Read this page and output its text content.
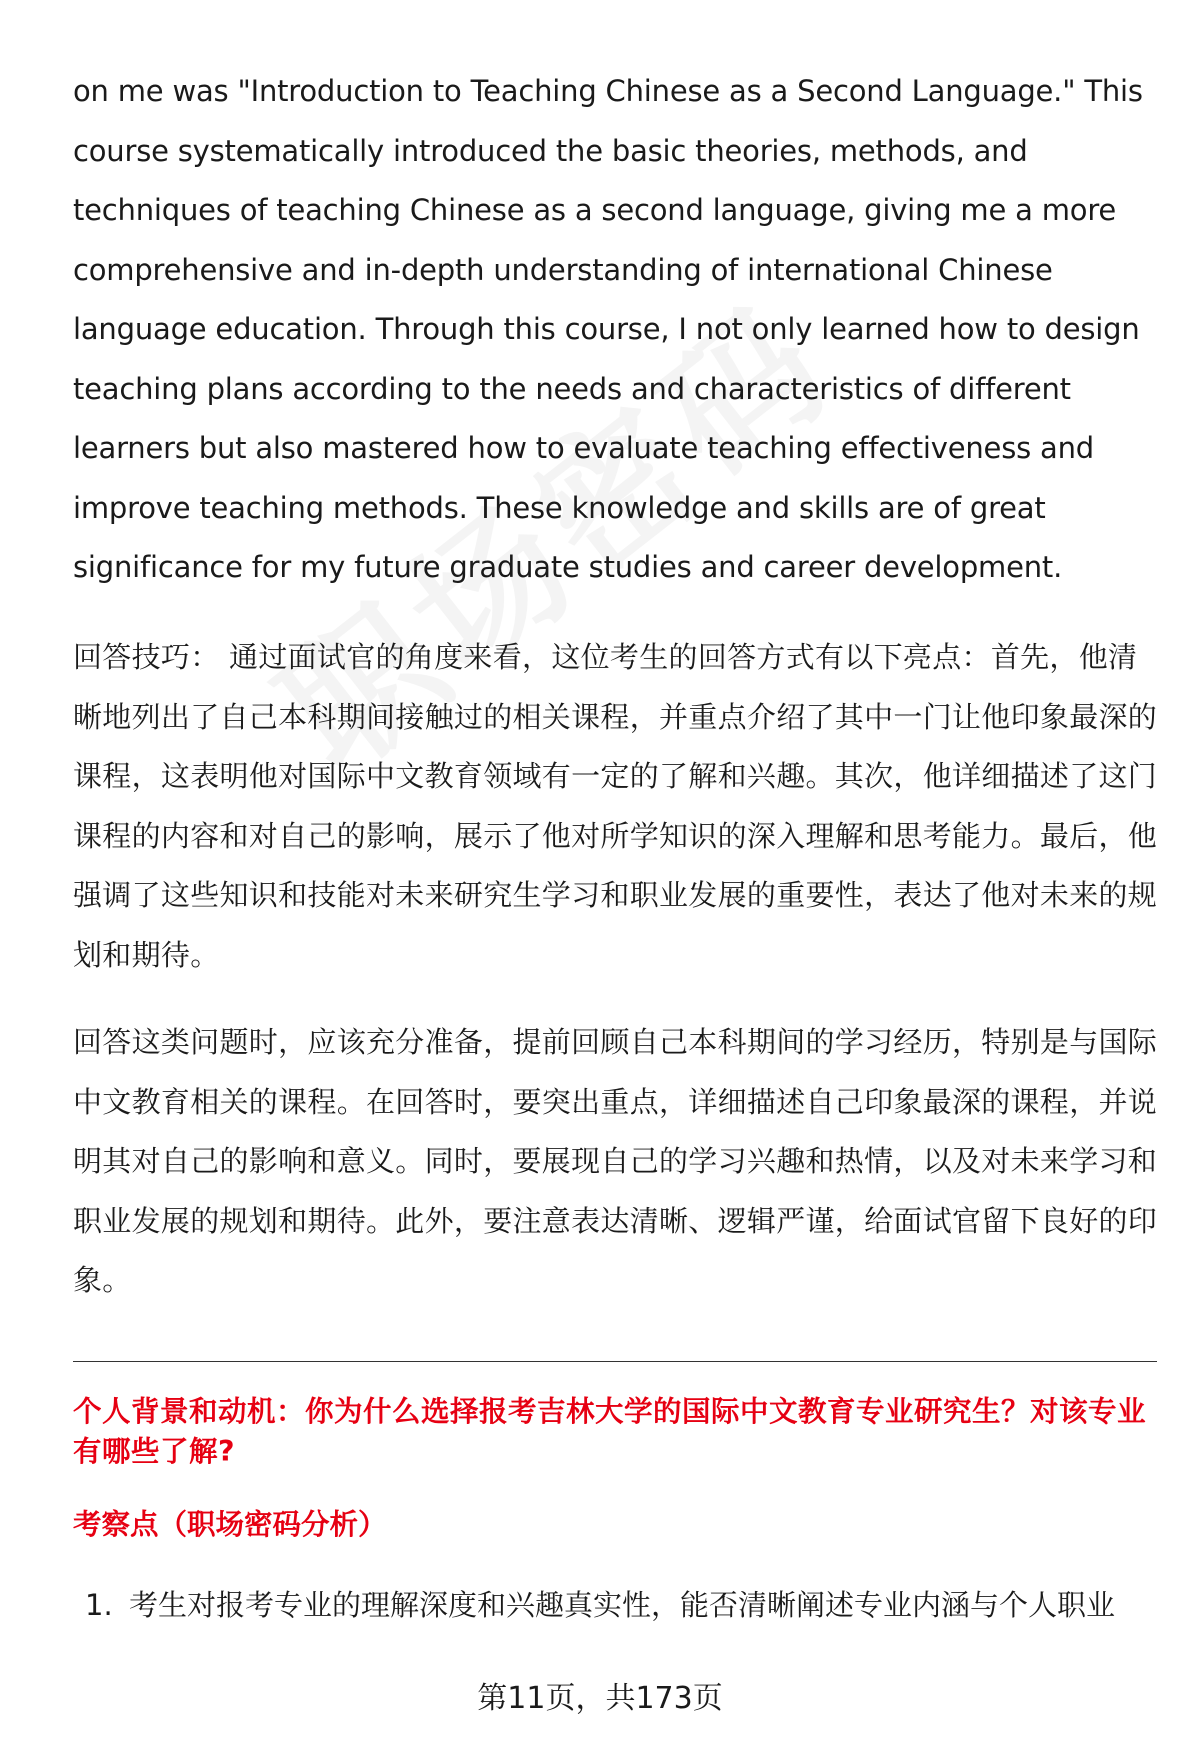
on me was "Introduction to Teaching Chinese as a Second Language." This course systematically introduced the basic theories, methods, and techniques of teaching Chinese as a second language, giving me a more comprehensive and in-depth understanding of international Chinese language education. Through this course, I not only learned how to design teaching plans according to the needs and characteristics of different learners but also mastered how to evaluate teaching effectiveness and improve teaching methods. These knowledge and skills are of great significance for my future graduate studies and career development.

回答技巧： 通过面试官的角度来看，这位考生的回答方式有以下亮点：首先，他清晰地列出了自己本科期间接触过的相关课程，并重点介绍了其中一门让他印象最深的课程，这表明他对国际中文教育领域有一定的了解和兴趣。其次，他详细描述了这门课程的内容和对自己的影响，展示了他对所学知识的深入理解和思考能力。最后，他强调了这些知识和技能对未来研究生学习和职业发展的重要性，表达了他对未来的规划和期待。

回答这类问题时，应该充分准备，提前回顾自己本科期间的学习经历，特别是与国际中文教育相关的课程。在回答时，要突出重点，详细描述自己印象最深的课程，并说明其对自己的影响和意义。同时，要展现自己的学习兴趣和热情，以及对未来学习和职业发展的规划和期待。此外，要注意表达清晰、逻辑严谨，给面试官留下良好的印象。

个人背景和动机：你为什么选择报考吉林大学的国际中文教育专业研究生？对该专业有哪些了解?

考察点（职场密码分析）

1. 考生对报考专业的理解深度和兴趣真实性，能否清晰阐述专业内涵与个人职业

第11页，共173页
